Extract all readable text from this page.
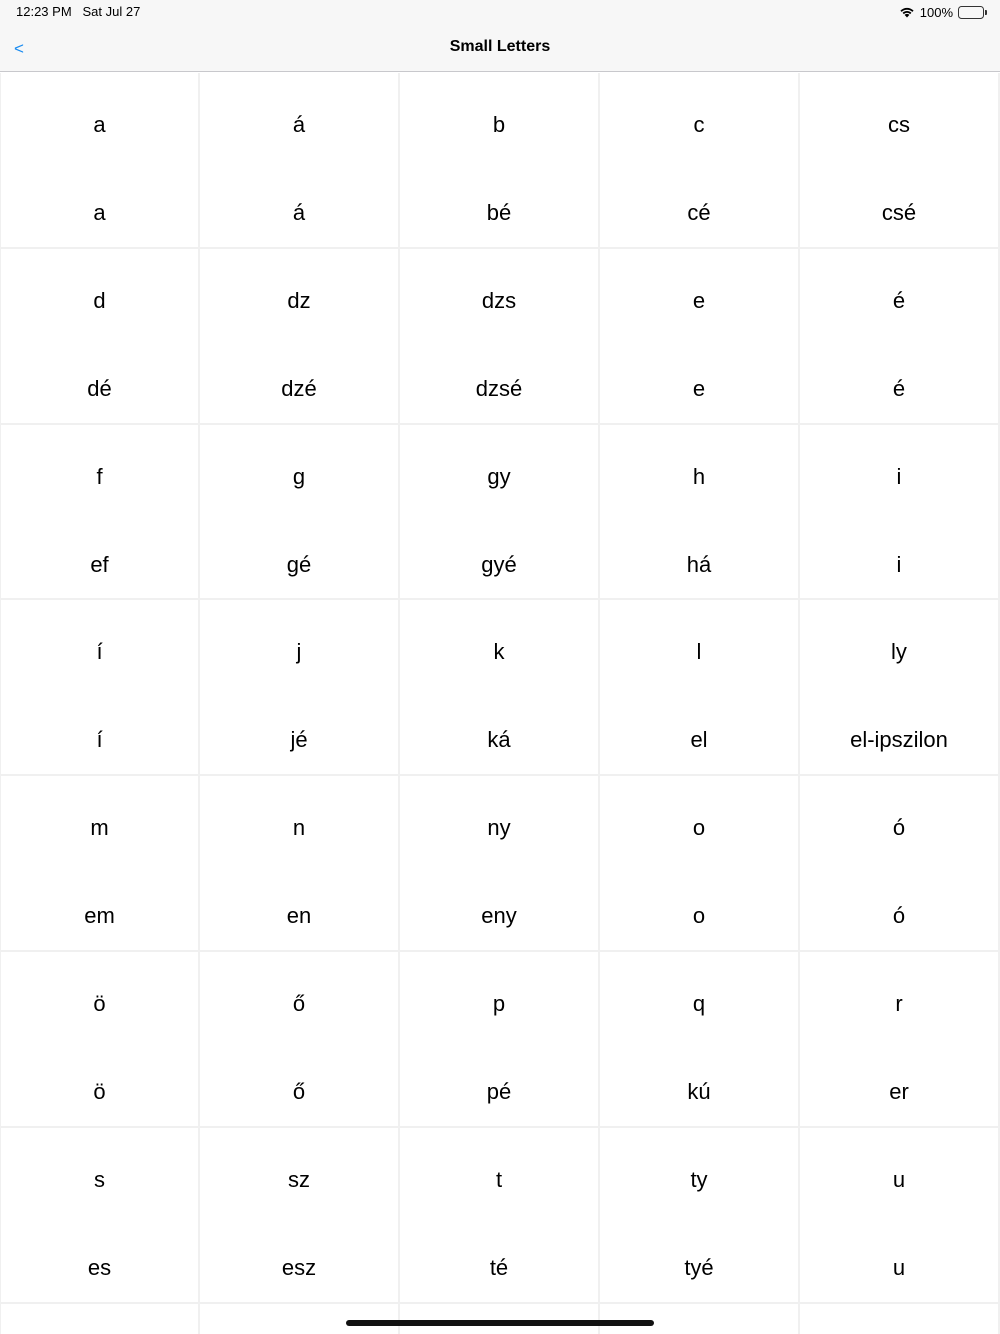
12:23 PM Sat Jul 27	100%
<	Small Letters
a
a
á
á
b
bé
c
cé
cs
csé
d
dé
dz
dzé
dzs
dzsé
e
e
é
é
f
ef
g
gé
gy
gyé
h
há
i
i
í
í
j
jé
k
ká
l
el
ly
el-ipszilon
m
em
n
en
ny
eny
o
o
ó
ó
ö
ö
ő
ő
p
pé
q
kú
r
er
s
es
sz
esz
t
té
ty
tyé
u
u
